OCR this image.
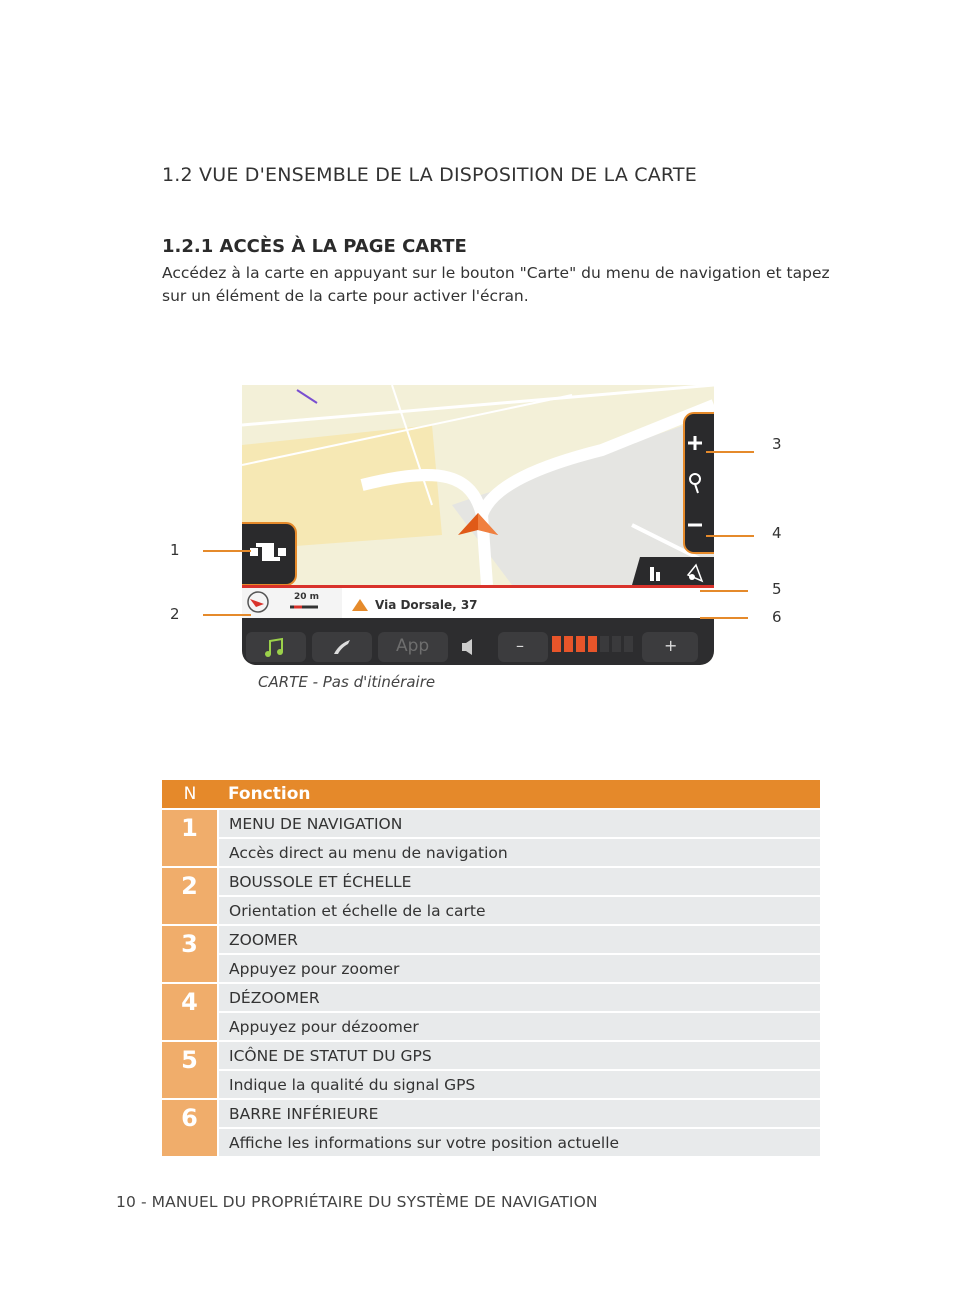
1.2 VUE D'ENSEMBLE DE LA DISPOSITION DE LA CARTE
1.2.1 ACCÈS À LA PAGE CARTE
Accédez à la carte en appuyant sur le bouton "Carte" du menu de navigation et tapez sur un élément de la carte pour activer l'écran.
20 m
Via Dorsale, 37
App	–	+
1
2
3
4
5
6
CARTE - Pas d'itinéraire
N	Fonction
1	MENU DE NAVIGATION
	Accès direct au menu de navigation
2	BOUSSOLE ET ÉCHELLE
	Orientation et échelle de la carte
3	ZOOMER
	Appuyez pour zoomer
4	DÉZOOMER
	Appuyez pour dézoomer
5	ICÔNE DE STATUT DU GPS
	Indique la qualité du signal GPS
6	BARRE INFÉRIEURE
	Affiche les informations sur votre position actuelle
10 - MANUEL DU PROPRIÉTAIRE DU SYSTÈME DE NAVIGATION
